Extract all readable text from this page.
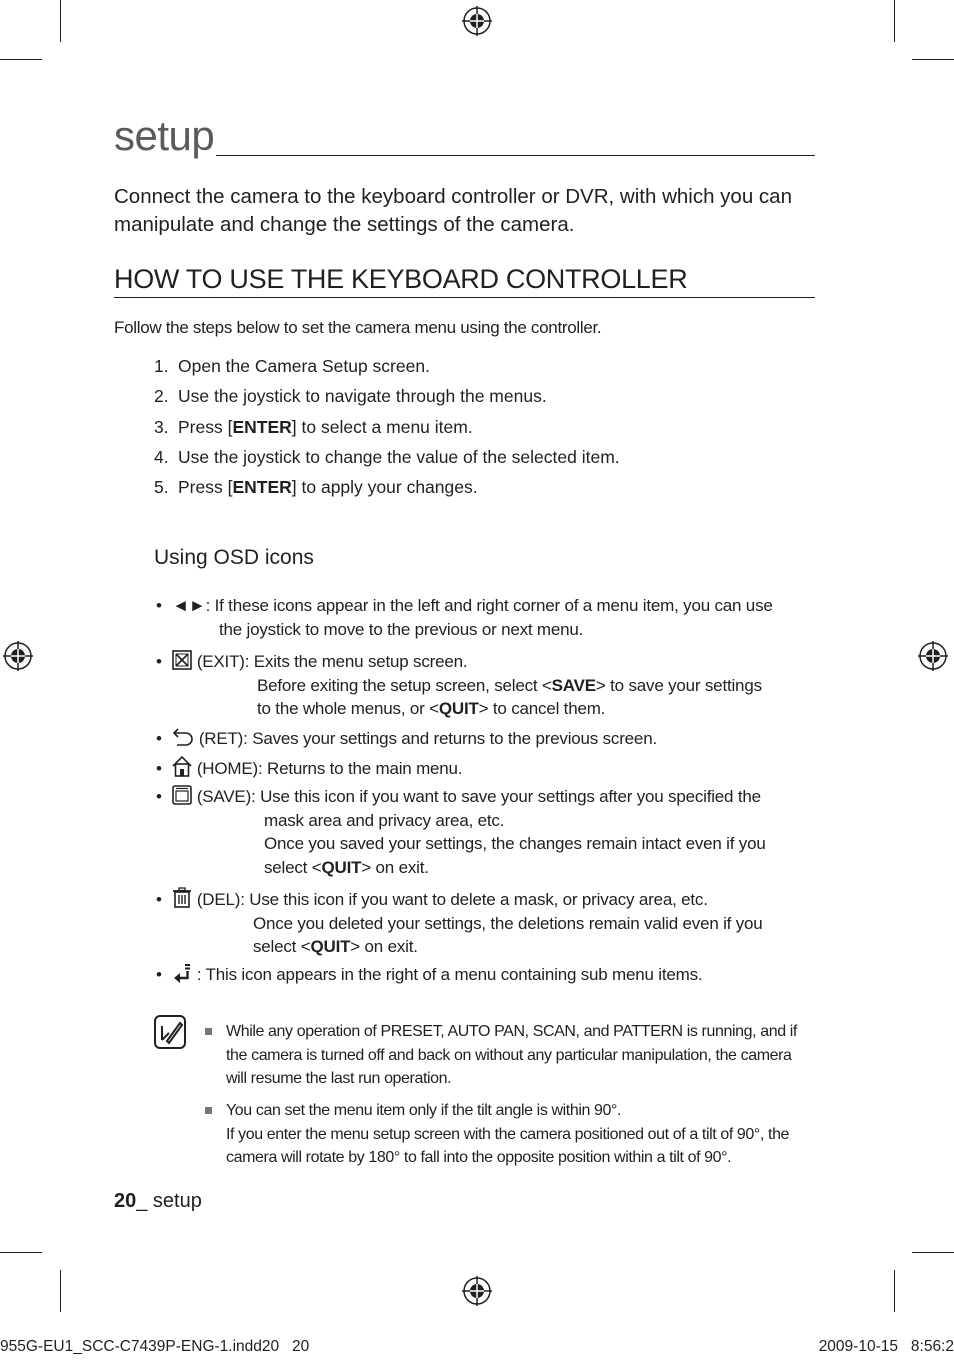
setup
Connect the camera to the keyboard controller or DVR, with which you can manipulate and change the settings of the camera.
HOW TO USE THE KEYBOARD CONTROLLER
Follow the steps below to set the camera menu using the controller.
1. Open the Camera Setup screen.
2. Use the joystick to navigate through the menus.
3. Press [ ENTER ] to select a menu item.
4. Use the joystick to change the value of the selected item.
5. Press [ ENTER ] to apply your changes.
Using OSD icons
• ◄►: If these icons appear in the left and right corner of a menu item, you can use
the joystick to move to the previous or next menu.
•  (EXIT): Exits the menu setup screen.
Before exiting the setup screen, select <SAVE> to save your settings
to the whole menus, or <QUIT> to cancel them.
•  (RET): Saves your settings and returns to the previous screen.
•  (HOME): Returns to the main menu.
•  (SAVE): Use this icon if you want to save your settings after you specified the
mask area and privacy area, etc.
Once you saved your settings, the changes remain intact even if you
select <QUIT> on exit.
•  (DEL): Use this icon if you want to delete a mask, or privacy area, etc.
Once you deleted your settings, the deletions remain valid even if you
select <QUIT> on exit.
•  : This icon appears in the right of a menu containing sub menu items.
While any operation of PRESET, AUTO PAN, SCAN, and PATTERN is running, and if the camera is turned off and back on without any particular manipulation, the camera will resume the last run operation.
You can set the menu item only if the tilt angle is within 90°.
If you enter the menu setup screen with the camera positioned out of a tilt of 90°, the camera will rotate by 180° to fall into the opposite position within a tilt of 90°.
20_ setup
955G-EU1_SCC-C7439P-ENG-1.indd20   20	2009-10-15   8:56:2
